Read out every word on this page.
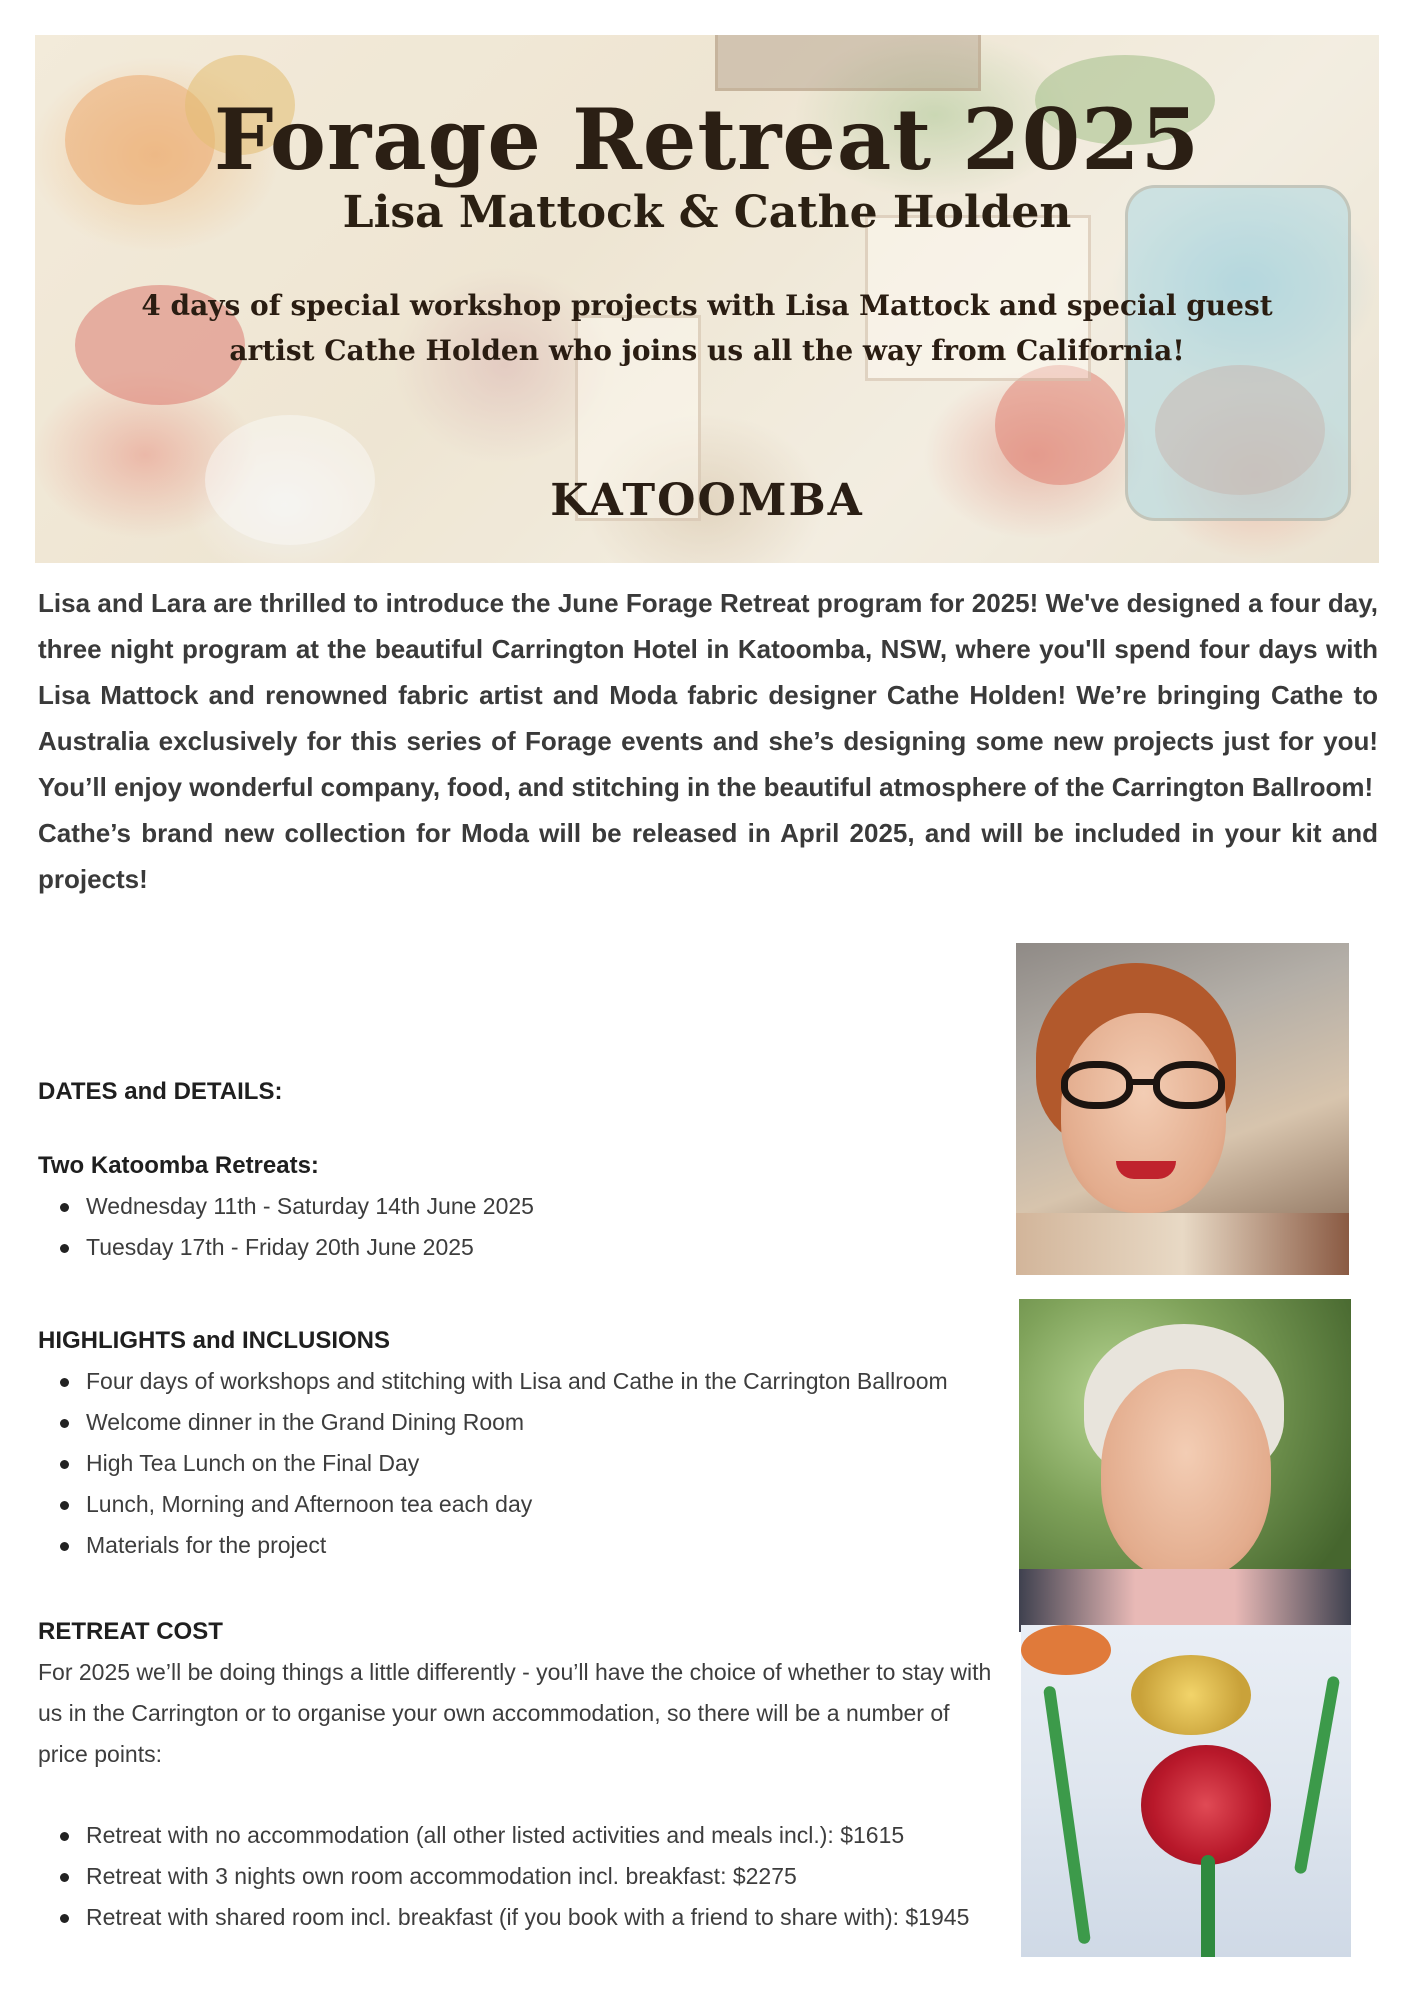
Forage Retreat 2025
Lisa Mattock & Cathe Holden

4 days of special workshop projects with Lisa Mattock and special guest artist Cathe Holden who joins us all the way from California!

KATOOMBA

Lisa and Lara are thrilled to introduce the June Forage Retreat program for 2025! We've designed a four day, three night program at the beautiful Carrington Hotel in Katoomba, NSW, where you'll spend four days with Lisa Mattock and renowned fabric artist and Moda fabric designer Cathe Holden! We’re bringing Cathe to Australia exclusively for this series of Forage events and she’s designing some new projects just for you! You’ll enjoy wonderful company, food, and stitching in the beautiful atmosphere of the Carrington Ballroom!

Cathe’s brand new collection for Moda will be released in April 2025, and will be included in your kit and projects!

DATES and DETAILS:

Two Katoomba Retreats:

Wednesday 11th - Saturday 14th June 2025
Tuesday 17th - Friday 20th June 2025

HIGHLIGHTS and INCLUSIONS

Four days of workshops and stitching with Lisa and Cathe in the Carrington Ballroom
Welcome dinner in the Grand Dining Room
High Tea Lunch on the Final Day
Lunch, Morning and Afternoon tea each day
Materials for the project

RETREAT COST

For 2025 we’ll be doing things a little differently - you’ll have the choice of whether to stay with us in the Carrington or to organise your own accommodation, so there will be a number of price points:

Retreat with no accommodation (all other listed activities and meals incl.): $1615
Retreat with 3 nights own room accommodation incl. breakfast: $2275
Retreat with shared room incl. breakfast (if you book with a friend to share with): $1945
